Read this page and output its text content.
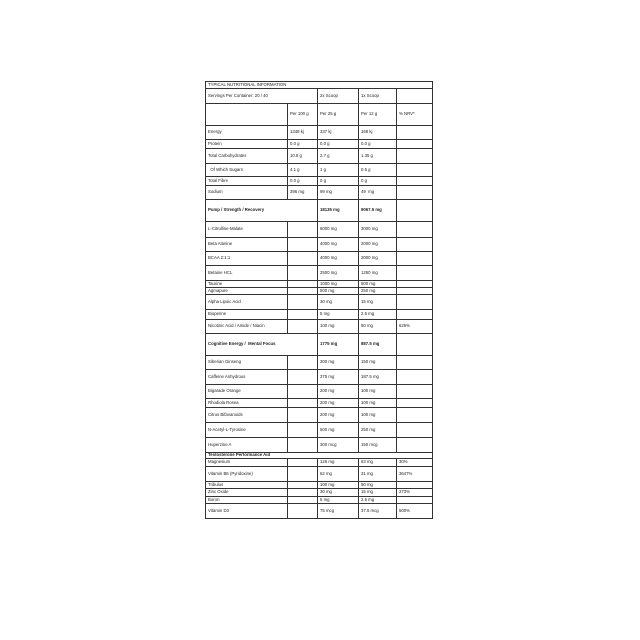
TYPICAL NUTRITIONAL INFORMATION				
Servings Per Container: 20 / 40		2x Scoop	1x Scoop	
	Per 100 g	Per 25 g	Per 12 g	% NRV*
Energy	1348 kj	337 kj	168 kj	
Protein	0.0 g	0.0 g	0.0 g	
Total Carbohydrates	10.8 g	2.7 g	1.35 g	
Of Which Sugars	4.1 g	1 g	0.5 g	
Total Fibre	0.0 g	0 g	0 g	
Sodium	396 mg	99 mg	49  mg	
Pump / Strength / Recovery		18135 mg	9067.5 mg	
L-Citrulline-Malate		6000 mg	3000 mg	
Beta Alanine		4000 mg	2000 mg	
BCAA 2:1:1		4000 mg	2000 mg	
Betaine HCL		2500 mg	1250 mg	
Taurine		1000 mg	500 mg	
Agmapure		500 mg	250 mg	
Alpha Lipoic Acid		30 mg	15 mg	
Bioperine		5 mg	2.5 mg	
Nicotinic Acid / Amide / Niacin		100 mg	50 mg	625%
Cognitive Energy /  Mental Focus		1775 mg	887.5 mg	
Siberian Ginseng		300 mg	150 mg	
Caffeine Anhydrous		375 mg	187.5 mg	
Bigarade Orange		200 mg	100 mg	
Rhodiola Rosea		200 mg	100 mg	
Citrus Bifavanoids		200 mg	100 mg	
N-Acetyl-L-Tyrosine		500 mg	250 mg	
Huperzine A		300 mcg	150 mcg	
Testosterone Performance Aid				
Magnesium		126 mg	63 mg	30%
Vitamin B6 (Pyridoxine)		62 mg	31 mg	3647%
Tribulus		100 mg	50 mg	
Zinc Oxide		30 mg	15 mg	273%
Boron		5 mg	2.5 mg	
Vitamin D3		75 mcg	37.5 mcg	500%
